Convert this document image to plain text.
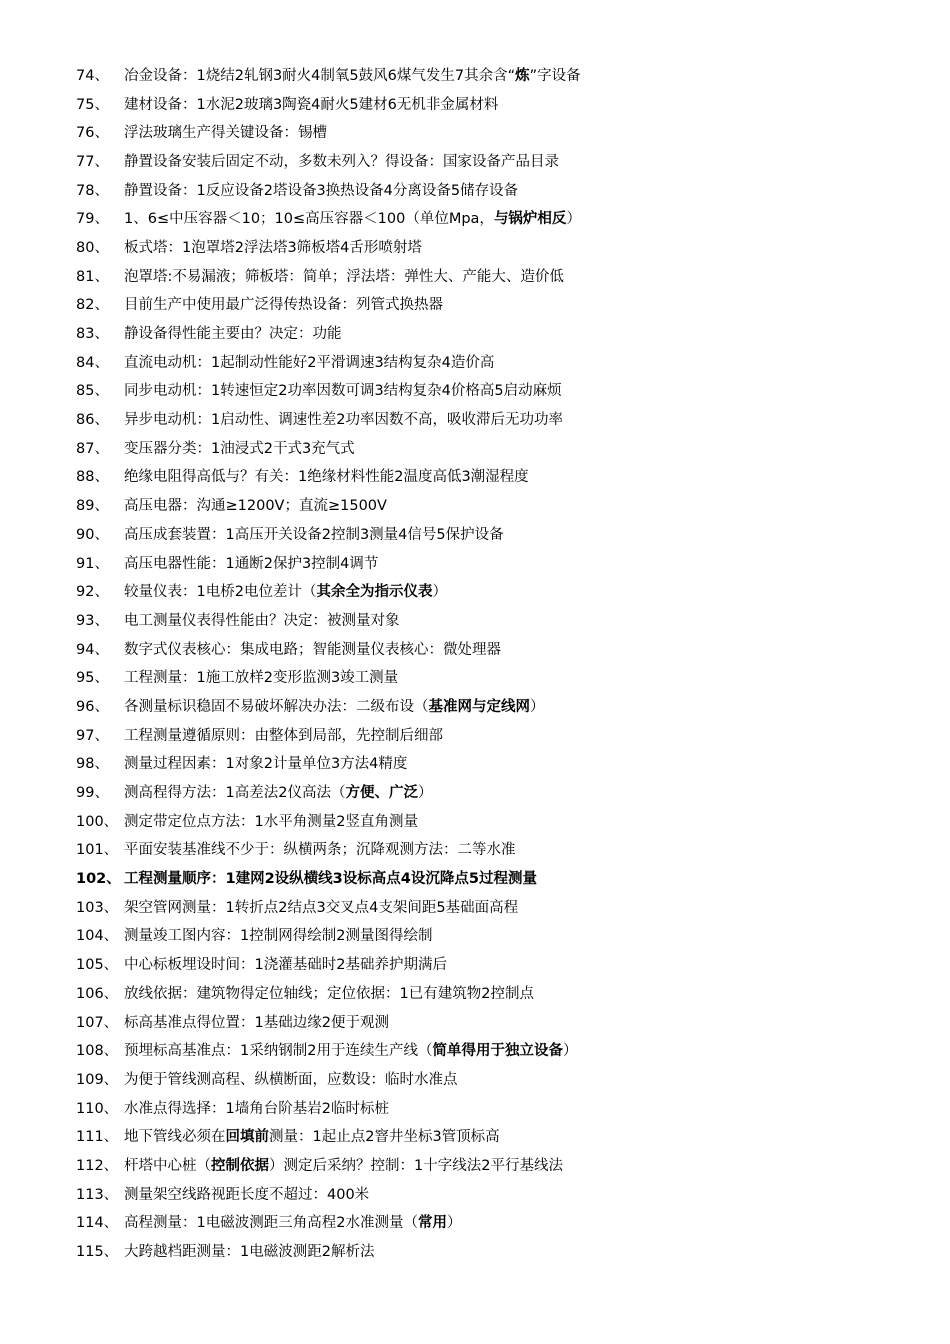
74、	冶金设备：1烧结2轧钢3耐火4制氧5鼓风6煤气发生7其余含“炼”字设备
75、	建材设备：1水泥2玻璃3陶瓷4耐火5建材6无机非金属材料
76、	浮法玻璃生产得关键设备：锡槽
77、	静置设备安装后固定不动，多数未列入？得设备：国家设备产品目录
78、	静置设备：1反应设备2塔设备3换热设备4分离设备5储存设备
79、	1、6≤中压容器＜10；10≤高压容器＜100（单位Mpa，与锅炉相反）
80、	板式塔：1泡罩塔2浮法塔3筛板塔4舌形喷射塔
81、	泡罩塔:不易漏液；筛板塔：简单；浮法塔：弹性大、产能大、造价低
82、	目前生产中使用最广泛得传热设备：列管式换热器
83、	静设备得性能主要由？决定：功能
84、	直流电动机：1起制动性能好2平滑调速3结构复杂4造价高
85、	同步电动机：1转速恒定2功率因数可调3结构复杂4价格高5启动麻烦
86、	异步电动机：1启动性、调速性差2功率因数不高，吸收滞后无功功率
87、	变压器分类：1油浸式2干式3充气式
88、	绝缘电阻得高低与？有关：1绝缘材料性能2温度高低3潮湿程度
89、	高压电器：沟通≥1200V；直流≥1500V
90、	高压成套装置：1高压开关设备2控制3测量4信号5保护设备
91、	高压电器性能：1通断2保护3控制4调节
92、	较量仪表：1电桥2电位差计（其余全为指示仪表）
93、	电工测量仪表得性能由？决定：被测量对象
94、	数字式仪表核心：集成电路；智能测量仪表核心：微处理器
95、	工程测量：1施工放样2变形监测3竣工测量
96、	各测量标识稳固不易破坏解决办法：二级布设（基准网与定线网）
97、	工程测量遵循原则：由整体到局部，先控制后细部
98、	测量过程因素：1对象2计量单位3方法4精度
99、	测高程得方法：1高差法2仪高法（方便、广泛）
100、 测定带定位点方法：1水平角测量2竖直角测量
101、 平面安装基准线不少于：纵横两条；沉降观测方法：二等水准
102、 工程测量顺序：1建网2设纵横线3设标高点4设沉降点5过程测量
103、 架空管网测量：1转折点2结点3交叉点4支架间距5基础面高程
104、 测量竣工图内容：1控制网得绘制2测量图得绘制
105、 中心标板埋设时间：1浇灌基础时2基础养护期满后
106、 放线依据：建筑物得定位轴线；定位依据：1已有建筑物2控制点
107、 标高基准点得位置：1基础边缘2便于观测
108、 预埋标高基准点：1采纳钢制2用于连续生产线（简单得用于独立设备）
109、 为便于管线测高程、纵横断面，应数设：临时水准点
110、 水准点得选择：1墙角台阶基岩2临时标桩
111、 地下管线必须在回填前测量：1起止点2窨井坐标3管顶标高
112、 杆塔中心桩（控制依据）测定后采纳？控制：1十字线法2平行基线法
113、 测量架空线路视距长度不超过：400米
114、 高程测量：1电磁波测距三角高程2水准测量（常用）
115、 大跨越档距测量：1电磁波测距2解析法
